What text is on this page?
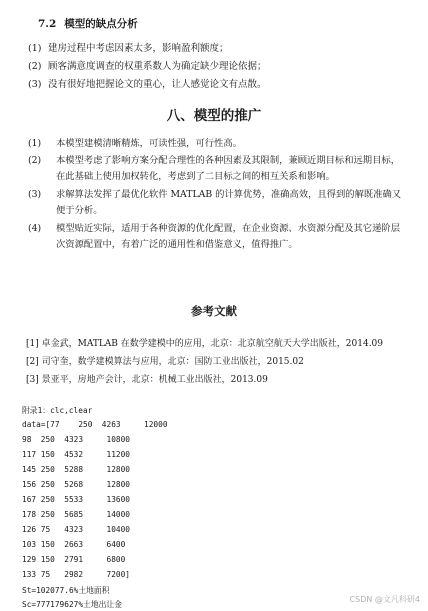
7.2 模型的缺点分析
(1) 建房过程中考虑因素太多，影响盈利额度；
(2) 顾客满意度调查的权重系数人为确定缺少理论依据；
(3) 没有很好地把握论文的重心，让人感觉论文有点散。
八、模型的推广
(1)	本模型建模清晰精炼，可读性强，可行性高。
(2)	本模型考虑了影响方案分配合理性的各种因素及其限制，兼顾近期目标和远期目标，在此基础上使用加权转化，考虑到了二目标之间的相互关系和影响。
(3)	求解算法发挥了最优化软件 MATLAB 的计算优势，准确高效，且得到的解既准确又便于分析。
(4)	模型贴近实际，适用于各种资源的优化配置，在企业资源、水资源分配及其它递阶层次资源配置中，有着广泛的通用性和借鉴意义，值得推广。
参考文献
[1] 卓金武，MATLAB 在数学建模中的应用，北京：北京航空航天大学出版社，2014.09
[2] 司守奎，数学建模算法与应用，北京：国防工业出版社，2015.02
[3] 景亚平，房地产会计，北京：机械工业出版社，2013.09
附录1：clc,clear
data=[77    250  4263     12000
98  250  4323     10800
117 150  4532     11200
145 250  5288     12800
156 250  5268     12800
167 250  5533     13600
178 250  5685     14000
126 75   4323     10400
103 150  2663     6400
129 150  2791     6800
133 75   2982     7200]
St=102077.6%土地面积
Sc=777179627%土地出让金
CSDN @文凡科研4
